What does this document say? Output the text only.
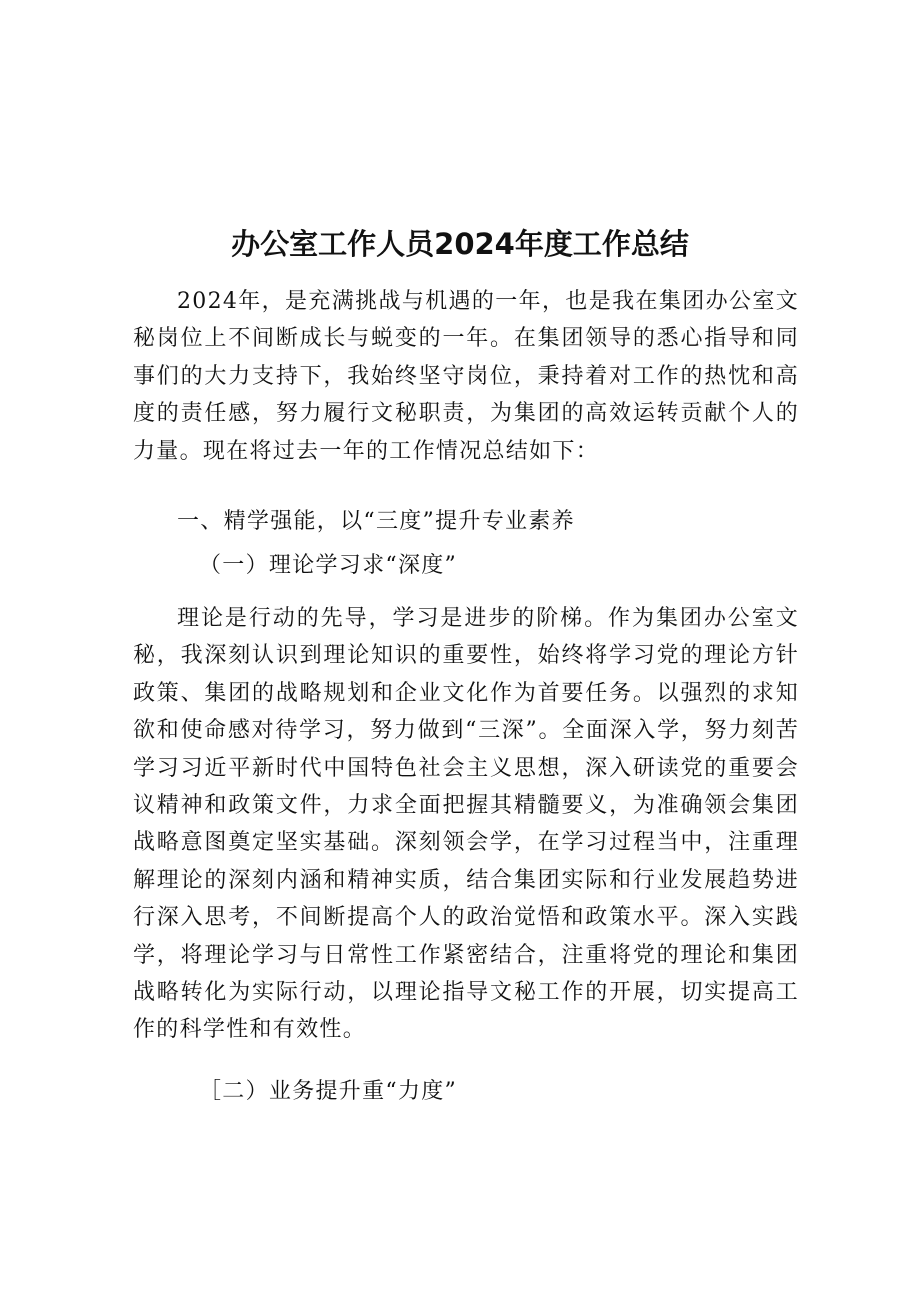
办公室工作人员2024年度工作总结
2024年，是充满挑战与机遇的一年，也是我在集团办公室文秘岗位上不间断成长与蜕变的一年。在集团领导的悉心指导和同事们的大力支持下，我始终坚守岗位，秉持着对工作的热忱和高度的责任感，努力履行文秘职责，为集团的高效运转贡献个人的力量。现在将过去一年的工作情况总结如下：
一、精学强能，以“三度”提升专业素养
（一）理论学习求“深度”
理论是行动的先导，学习是进步的阶梯。作为集团办公室文秘，我深刻认识到理论知识的重要性，始终将学习党的理论方针政策、集团的战略规划和企业文化作为首要任务。以强烈的求知欲和使命感对待学习，努力做到“三深”。全面深入学，努力刻苦学习习近平新时代中国特色社会主义思想，深入研读党的重要会议精神和政策文件，力求全面把握其精髓要义，为准确领会集团战略意图奠定坚实基础。深刻领会学，在学习过程当中，注重理解理论的深刻内涵和精神实质，结合集团实际和行业发展趋势进行深入思考，不间断提高个人的政治觉悟和政策水平。深入实践学，将理论学习与日常性工作紧密结合，注重将党的理论和集团战略转化为实际行动，以理论指导文秘工作的开展，切实提高工作的科学性和有效性。
［二）业务提升重“力度”
